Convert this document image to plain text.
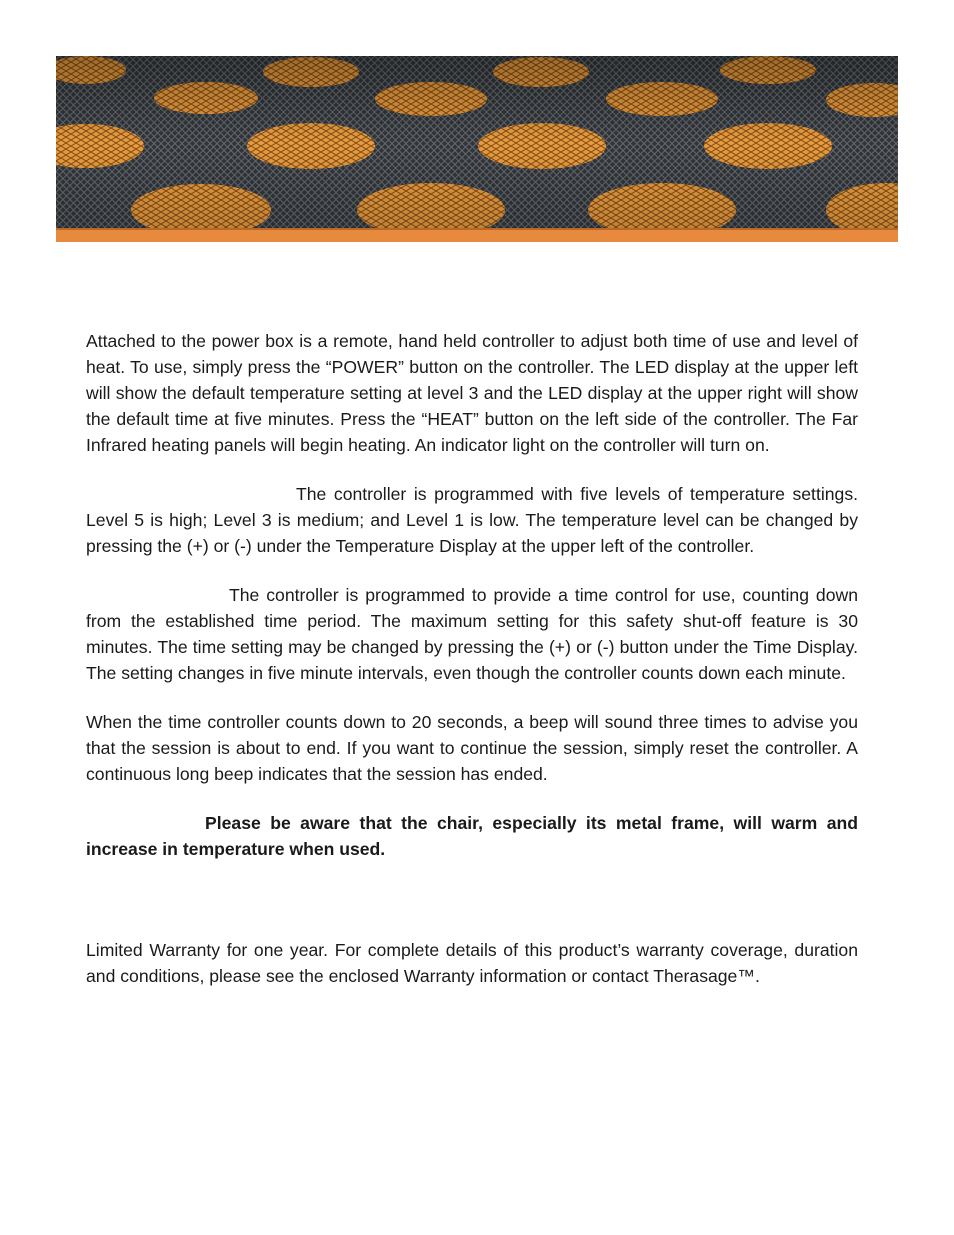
Attached to the power box is a remote, hand held controller to adjust both time of use and level of heat. To use, simply press the “POWER” button on the controller. The LED display at the upper left will show the default temperature setting at level 3 and the LED display at the upper right will show the default time at five minutes. Press the “HEAT” button on the left side of the controller. The Far Infrared heating panels will begin heating. An indicator light on the controller will turn on.

The controller is programmed with five levels of temperature settings. Level 5 is high; Level 3 is medium; and Level 1 is low. The temperature level can be changed by pressing the (+) or (-) under the Temperature Display at the upper left of the controller.

The controller is programmed to provide a time control for use, counting down from the established time period. The maximum setting for this safety shut-off feature is 30 minutes. The time setting may be changed by pressing the (+) or (-) button under the Time Display. The setting changes in five minute intervals, even though the controller counts down each minute.

When the time controller counts down to 20 seconds, a beep will sound three times to advise you that the session is about to end. If you want to continue the session, simply reset the controller. A continuous long beep indicates that the session has ended.

Please be aware that the chair, especially its metal frame, will warm and increase in temperature when used.

Limited Warranty for one year. For complete details of this product’s warranty coverage, duration and conditions, please see the enclosed Warranty information or contact Therasage™.
